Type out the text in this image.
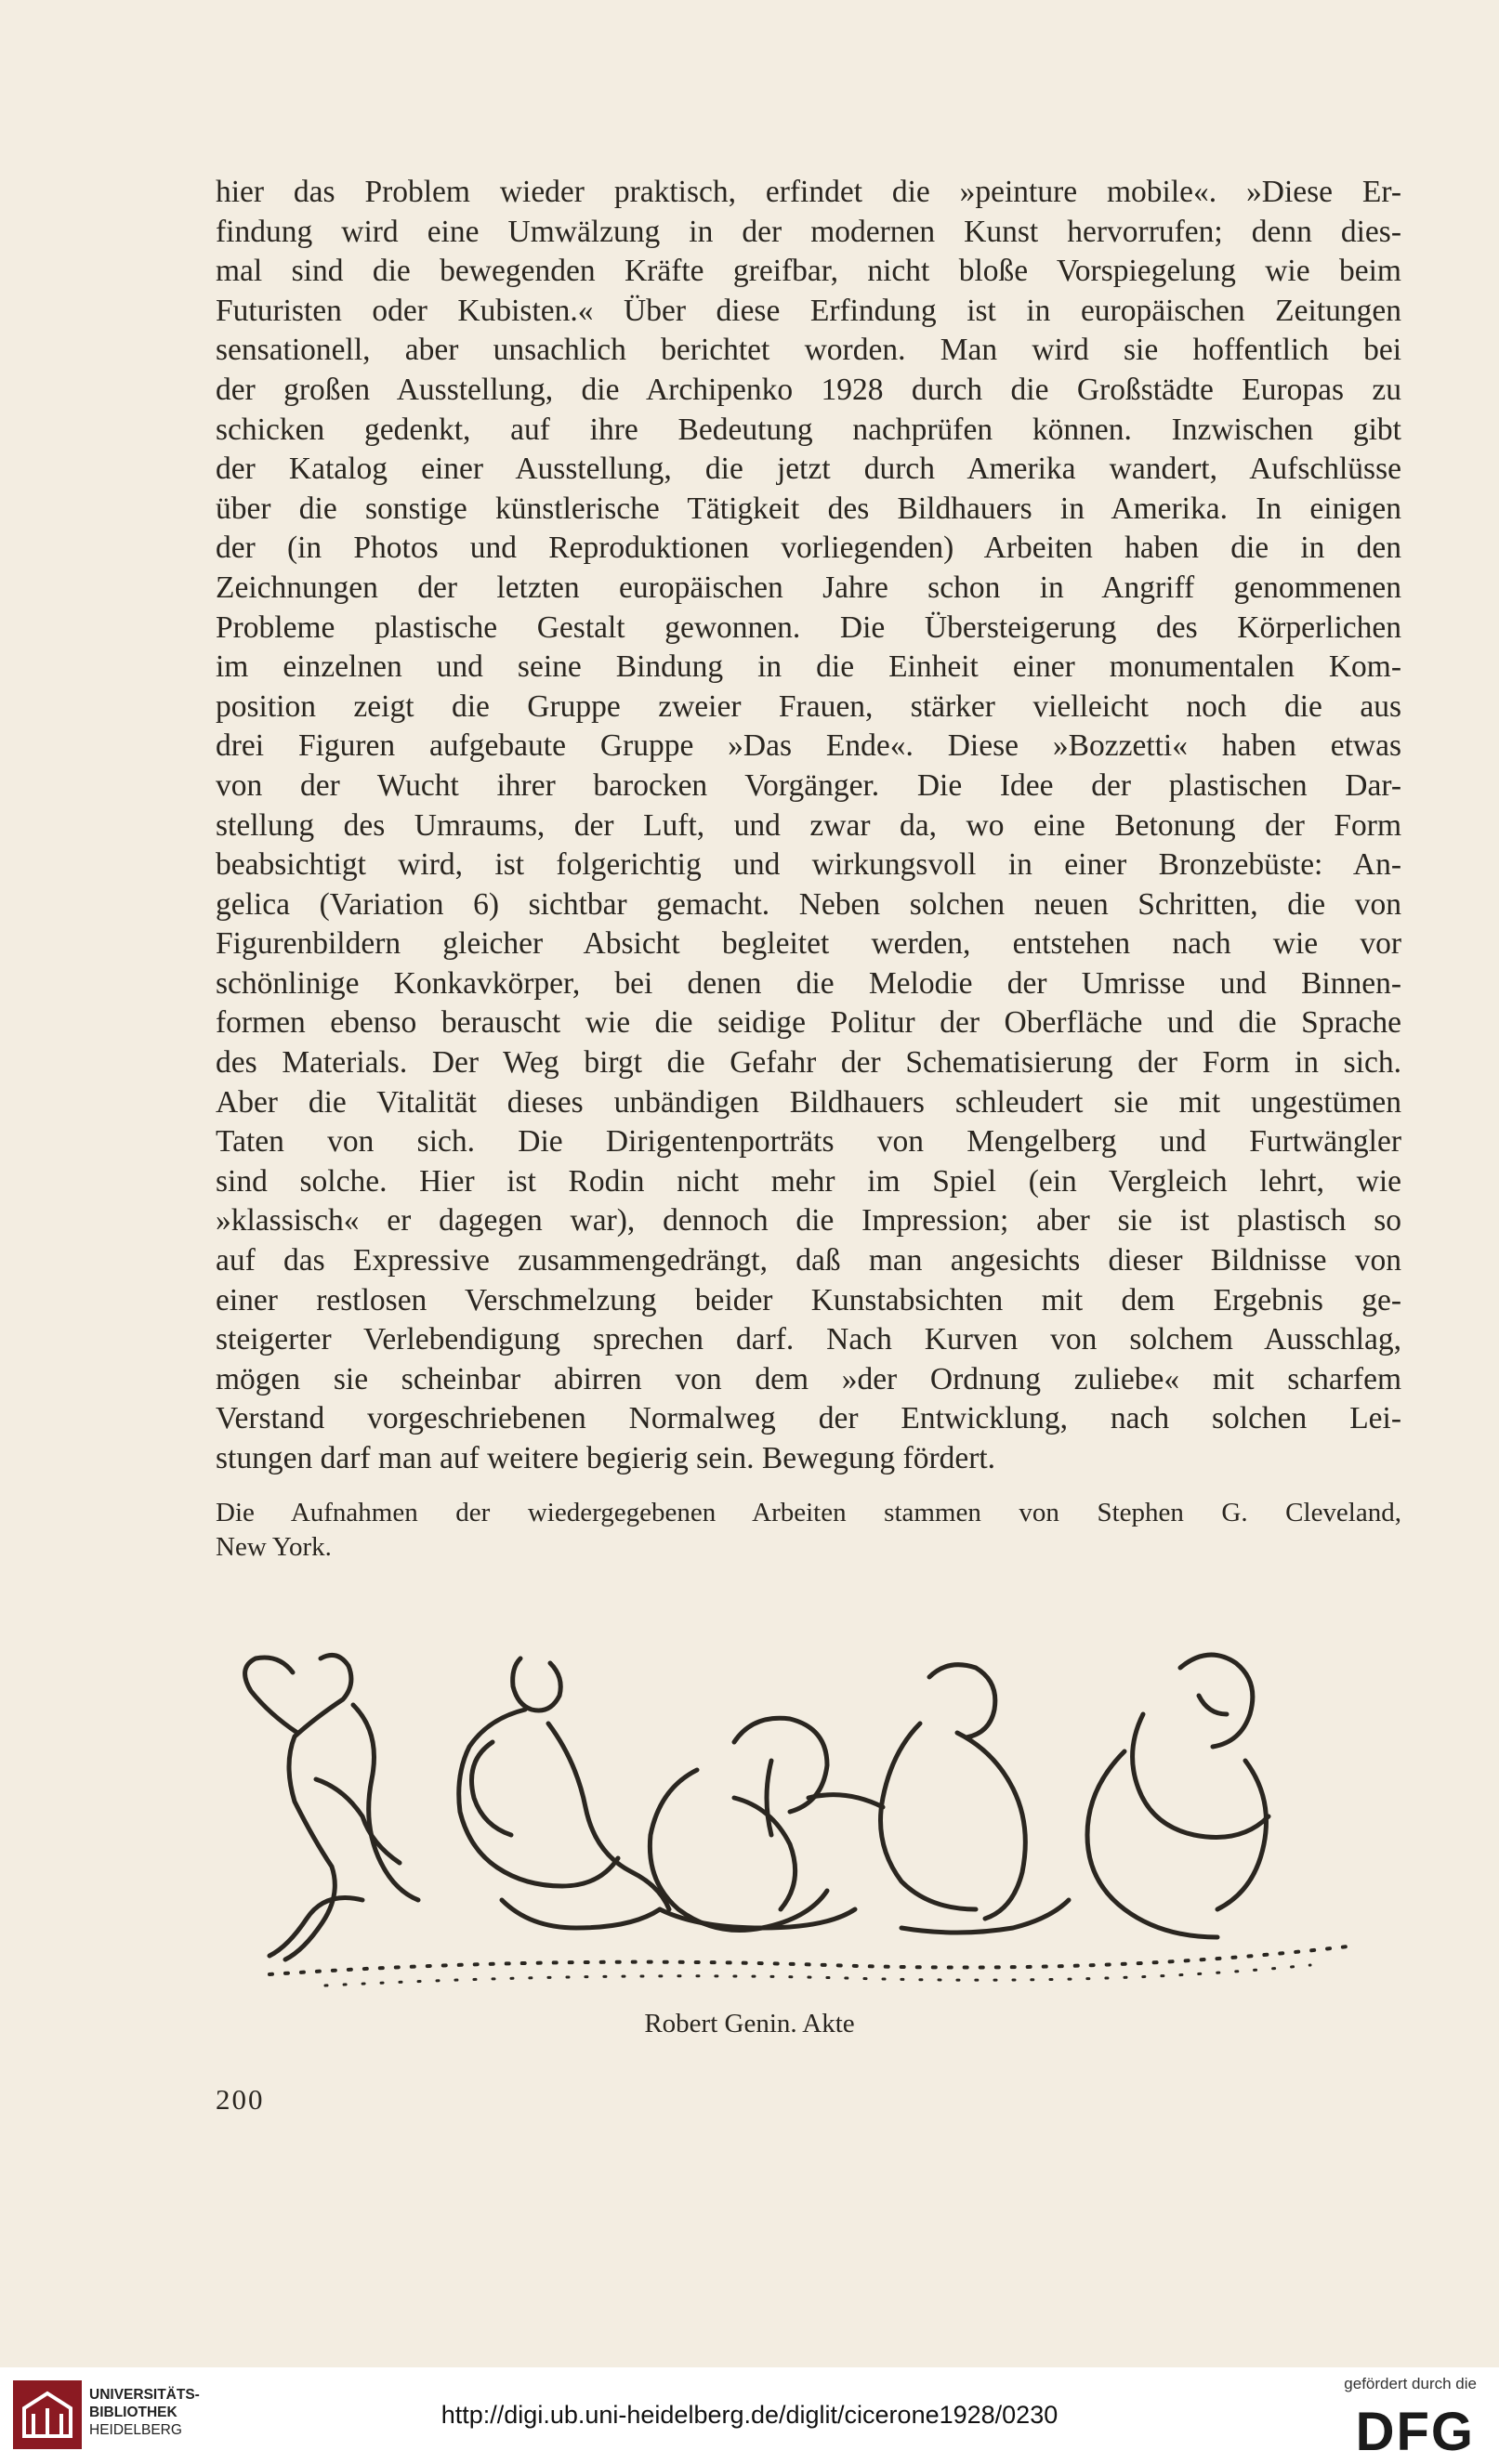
hier das Problem wieder praktisch, erfindet die »peinture mobile«. »Diese Er-
findung wird eine Umwälzung in der modernen Kunst hervorrufen; denn dies-
mal sind die bewegenden Kräfte greifbar, nicht bloße Vorspiegelung wie beim
Futuristen oder Kubisten.« Über diese Erfindung ist in europäischen Zeitungen
sensationell, aber unsachlich berichtet worden. Man wird sie hoffentlich bei
der großen Ausstellung, die Archipenko 1928 durch die Großstädte Europas zu
schicken gedenkt, auf ihre Bedeutung nachprüfen können. Inzwischen gibt
der Katalog einer Ausstellung, die jetzt durch Amerika wandert, Aufschlüsse
über die sonstige künstlerische Tätigkeit des Bildhauers in Amerika. In einigen
der (in Photos und Reproduktionen vorliegenden) Arbeiten haben die in den
Zeichnungen der letzten europäischen Jahre schon in Angriff genommenen
Probleme plastische Gestalt gewonnen. Die Übersteigerung des Körperlichen
im einzelnen und seine Bindung in die Einheit einer monumentalen Kom-
position zeigt die Gruppe zweier Frauen, stärker vielleicht noch die aus
drei Figuren aufgebaute Gruppe »Das Ende«. Diese »Bozzetti« haben etwas
von der Wucht ihrer barocken Vorgänger. Die Idee der plastischen Dar-
stellung des Umraums, der Luft, und zwar da, wo eine Betonung der Form
beabsichtigt wird, ist folgerichtig und wirkungsvoll in einer Bronzebüste: An-
gelica (Variation 6) sichtbar gemacht. Neben solchen neuen Schritten, die von
Figurenbildern gleicher Absicht begleitet werden, entstehen nach wie vor
schönlinige Konkavkörper, bei denen die Melodie der Umrisse und Binnen-
formen ebenso berauscht wie die seidige Politur der Oberfläche und die Sprache
des Materials. Der Weg birgt die Gefahr der Schematisierung der Form in sich.
Aber die Vitalität dieses unbändigen Bildhauers schleudert sie mit ungestümen
Taten von sich. Die Dirigentenporträts von Mengelberg und Furtwängler
sind solche. Hier ist Rodin nicht mehr im Spiel (ein Vergleich lehrt, wie
»klassisch« er dagegen war), dennoch die Impression; aber sie ist plastisch so
auf das Expressive zusammengedrängt, daß man angesichts dieser Bildnisse von
einer restlosen Verschmelzung beider Kunstabsichten mit dem Ergebnis ge-
steigerter Verlebendigung sprechen darf. Nach Kurven von solchem Ausschlag,
mögen sie scheinbar abirren von dem »der Ordnung zuliebe« mit scharfem
Verstand vorgeschriebenen Normalweg der Entwicklung, nach solchen Lei-
stungen darf man auf weitere begierig sein. Bewegung fördert.
Die Aufnahmen der wiedergegebenen Arbeiten stammen von Stephen G. Cleveland,
New York.
Robert Genin. Akte
200
UNIVERSITÄTS-
BIBLIOTHEK
HEIDELBERG
http://digi.ub.uni-heidelberg.de/diglit/cicerone1928/0230
gefördert durch die
DFG
